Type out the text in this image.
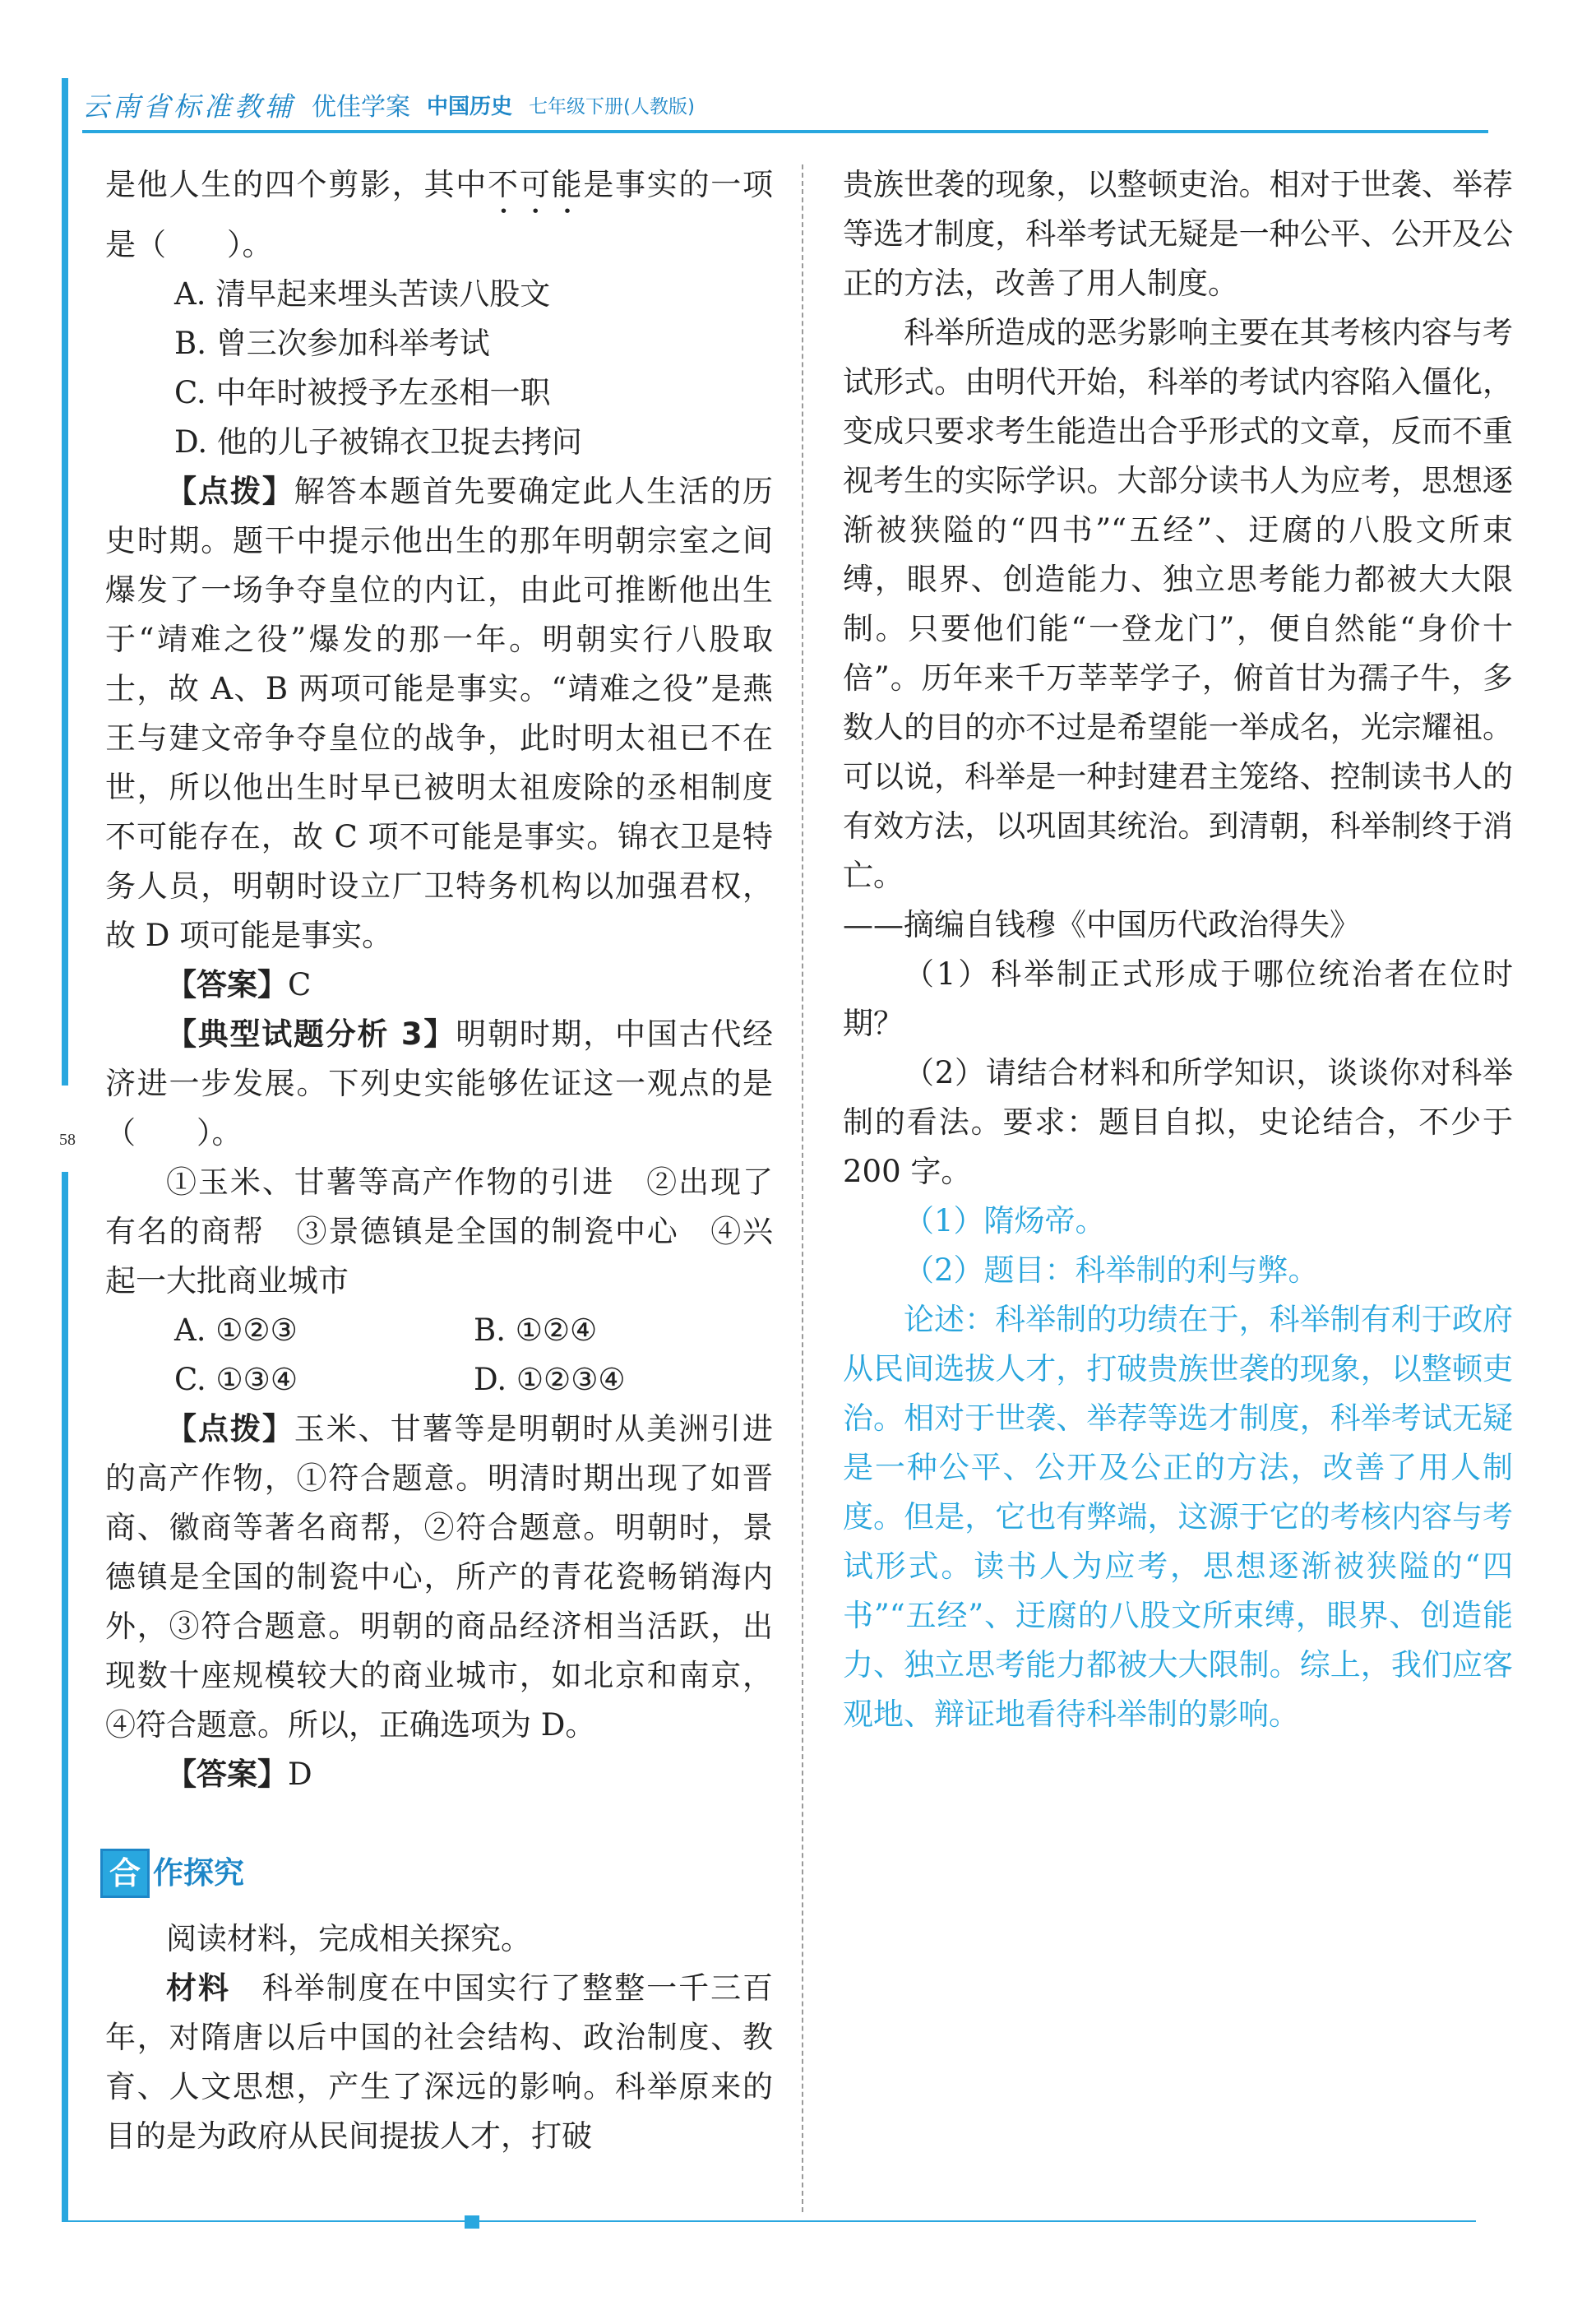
云南省标准教辅 优佳学案 中国历史 七年级下册(人教版)
58

是他人生的四个剪影，其中不可能是事实的一项是（　　）。

A. 清早起来埋头苦读八股文

B. 曾三次参加科举考试

C. 中年时被授予左丞相一职

D. 他的儿子被锦衣卫捉去拷问

【点拨】解答本题首先要确定此人生活的历史时期。题干中提示他出生的那年明朝宗室之间爆发了一场争夺皇位的内讧，由此可推断他出生于“靖难之役”爆发的那一年。明朝实行八股取士，故 A、B 两项可能是事实。“靖难之役”是燕王与建文帝争夺皇位的战争，此时明太祖已不在世，所以他出生时早已被明太祖废除的丞相制度不可能存在，故 C 项不可能是事实。锦衣卫是特务人员，明朝时设立厂卫特务机构以加强君权，故 D 项可能是事实。

【答案】C

【典型试题分析 3】明朝时期，中国古代经济进一步发展。下列史实能够佐证这一观点的是（　　）。

①玉米、甘薯等高产作物的引进　②出现了有名的商帮　③景德镇是全国的制瓷中心　④兴起一大批商业城市

A. ①②③	B. ①②④
C. ①③④	D. ①②③④

【点拨】玉米、甘薯等是明朝时从美洲引进的高产作物，①符合题意。明清时期出现了如晋商、徽商等著名商帮，②符合题意。明朝时，景德镇是全国的制瓷中心，所产的青花瓷畅销海内外，③符合题意。明朝的商品经济相当活跃，出现数十座规模较大的商业城市，如北京和南京，④符合题意。所以，正确选项为 D。

【答案】D

合 作探究

阅读材料，完成相关探究。

材料　 科举制度在中国实行了整整一千三百年，对隋唐以后中国的社会结构、政治制度、教育、人文思想，产生了深远的影响。科举原来的目的是为政府从民间提拔人才，打破

贵族世袭的现象，以整顿吏治。相对于世袭、举荐等选才制度，科举考试无疑是一种公平、公开及公正的方法，改善了用人制度。

科举所造成的恶劣影响主要在其考核内容与考试形式。由明代开始，科举的考试内容陷入僵化，变成只要求考生能造出合乎形式的文章，反而不重视考生的实际学识。大部分读书人为应考，思想逐渐被狭隘的“四书”“五经”、迂腐的八股文所束缚，眼界、创造能力、独立思考能力都被大大限制。只要他们能“一登龙门”，便自然能“身价十倍”。历年来千万莘莘学子，俯首甘为孺子牛，多数人的目的亦不过是希望能一举成名，光宗耀祖。可以说，科举是一种封建君主笼络、控制读书人的有效方法，以巩固其统治。到清朝，科举制终于消亡。

——摘编自钱穆《中国历代政治得失》

（1）科举制正式形成于哪位统治者在位时期？

（2）请结合材料和所学知识，谈谈你对科举制的看法。要求：题目自拟，史论结合，不少于 200 字。

（1）隋炀帝。

（2）题目：科举制的利与弊。

论述：科举制的功绩在于，科举制有利于政府从民间选拔人才，打破贵族世袭的现象，以整顿吏治。相对于世袭、举荐等选才制度，科举考试无疑是一种公平、公开及公正的方法，改善了用人制度。但是，它也有弊端，这源于它的考核内容与考试形式。读书人为应考，思想逐渐被狭隘的“四书”“五经”、迂腐的八股文所束缚，眼界、创造能力、独立思考能力都被大大限制。综上，我们应客观地、辩证地看待科举制的影响。
